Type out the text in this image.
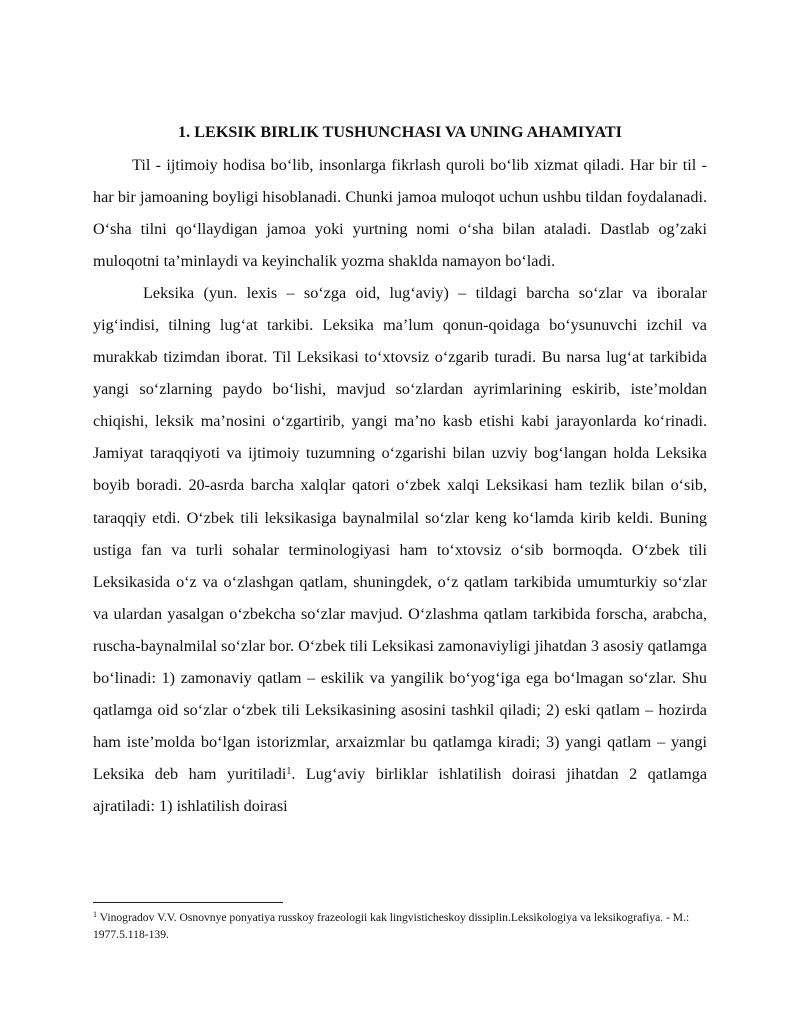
1. LEKSIK BIRLIK TUSHUNCHASI VA UNING AHAMIYATI

Til - ijtimoiy hodisa bo‘lib, insonlarga fikrlash quroli bo‘lib xizmat qiladi. Har bir til - har bir jamoaning boyligi hisoblanadi. Chunki jamoa muloqot uchun ushbu tildan foydalanadi. O‘sha tilni qo‘llaydigan jamoa yoki yurtning nomi o‘sha bilan ataladi. Dastlab og’zaki muloqotni ta’minlaydi va keyinchalik yozma shaklda namayon bo‘ladi.

Leksika (yun. lexis – so‘zga oid, lug‘aviy) – tildagi barcha so‘zlar va iboralar yig‘indisi, tilning lug‘at tarkibi. Leksika ma’lum qonun-qoidaga bo‘ysunuvchi izchil va murakkab tizimdan iborat. Til Leksikasi to‘xtovsiz o‘zgarib turadi. Bu narsa lug‘at tarkibida yangi so‘zlarning paydo bo‘lishi, mavjud so‘zlardan ayrimlarining eskirib, iste’moldan chiqishi, leksik ma’nosini o‘zgartirib, yangi ma’no kasb etishi kabi jarayonlarda ko‘rinadi. Jamiyat taraqqiyoti va ijtimoiy tuzumning o‘zgarishi bilan uzviy bog‘langan holda Leksika boyib boradi. 20-asrda barcha xalqlar qatori o‘zbek xalqi Leksikasi ham tezlik bilan o‘sib, taraqqiy etdi. O‘zbek tili leksikasiga baynalmilal so‘zlar keng ko‘lamda kirib keldi. Buning ustiga fan va turli sohalar terminologiyasi ham to‘xtovsiz o‘sib bormoqda. O‘zbek tili Leksikasida o‘z va o‘zlashgan qatlam, shuningdek, o‘z qatlam tarkibida umumturkiy so‘zlar va ulardan yasalgan o‘zbekcha so‘zlar mavjud. O‘zlashma qatlam tarkibida forscha, arabcha, ruscha-baynalmilal so‘zlar bor. O‘zbek tili Leksikasi zamonaviyligi jihatdan 3 asosiy qatlamga bo‘linadi: 1) zamonaviy qatlam – eskilik va yangilik bo‘yog‘iga ega bo‘lmagan so‘zlar. Shu qatlamga oid so‘zlar o‘zbek tili Leksikasining asosini tashkil qiladi; 2) eski qatlam – hozirda ham iste’molda bo‘lgan istorizmlar, arxaizmlar bu qatlamga kiradi; 3) yangi qatlam – yangi Leksika deb ham yuritiladi$^1$. Lug‘aviy birliklar ishlatilish doirasi jihatdan 2 qatlamga ajratiladi: 1) ishlatilish doirasi

$^1$ Vinogradov V.V. Osnovnye ponyatiya russkoy frazeologii kak lingvisticheskoy dissiplin.Leksikologiya va leksikografiya. - M.: 1977.5.118-139.
